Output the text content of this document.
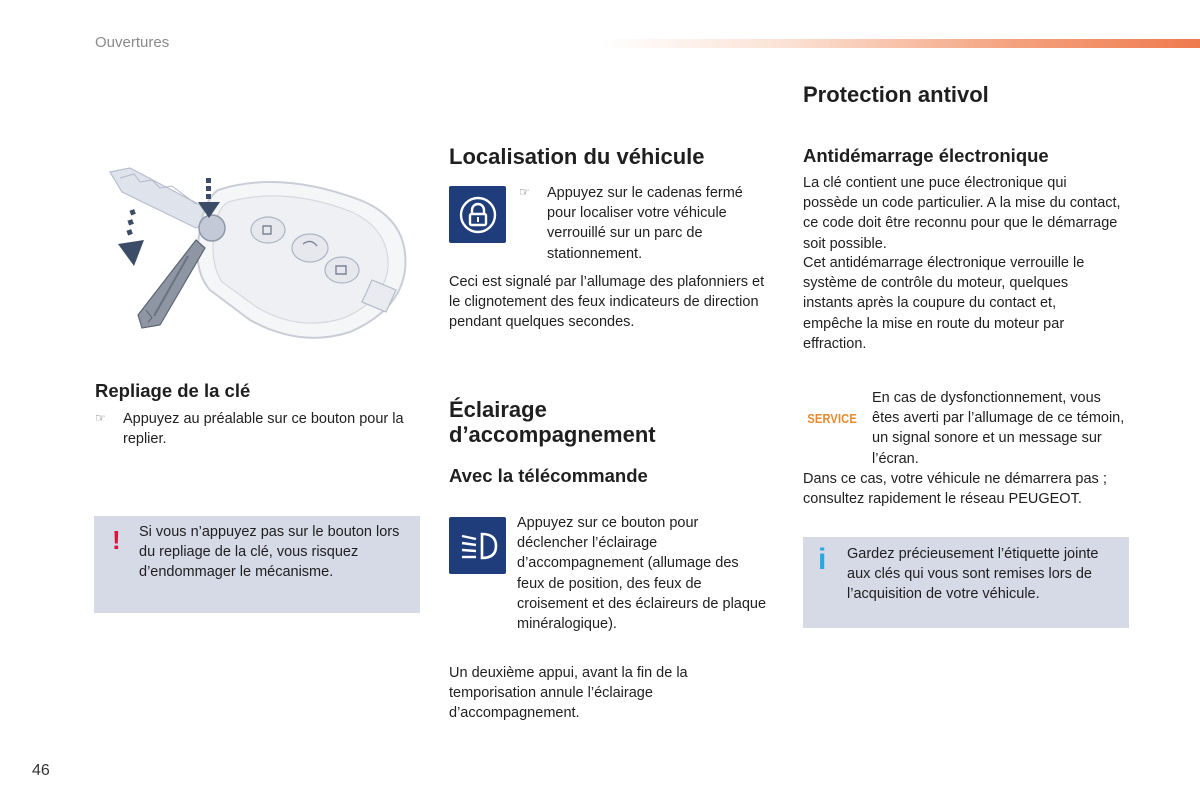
Ouvertures
Repliage de la clé
☞	Appuyez au préalable sur ce bouton pour la replier.

! Si vous n’appuyez pas sur le bouton lors du repliage de la clé, vous risquez d’endommager le mécanisme.

Localisation du véhicule
☞	Appuyez sur le cadenas fermé pour localiser votre véhicule verrouillé sur un parc de stationnement.

Ceci est signalé par l’allumage des plafonniers et le clignotement des feux indicateurs de direction pendant quelques secondes.

Éclairage
d’accompagnement
Avec la télécommande

Appuyez sur ce bouton pour déclencher l’éclairage d’accompagnement (allumage des feux de position, des feux de croisement et des éclaireurs de plaque minéralogique).

Un deuxième appui, avant la fin de la temporisation annule l’éclairage d’accompagnement.

Protection antivol
Antidémarrage électronique

La clé contient une puce électronique qui possède un code particulier. A la mise du contact, ce code doit être reconnu pour que le démarrage soit possible.

Cet antidémarrage électronique verrouille le système de contrôle du moteur, quelques instants après la coupure du contact et, empêche la mise en route du moteur par effraction.

SERVICE

En cas de dysfonctionnement, vous êtes averti par l’allumage de ce témoin, un signal sonore et un message sur l’écran.

Dans ce cas, votre véhicule ne démarrera pas ; consultez rapidement le réseau PEUGEOT.

i Gardez précieusement l’étiquette jointe aux clés qui vous sont remises lors de l’acquisition de votre véhicule.

46
